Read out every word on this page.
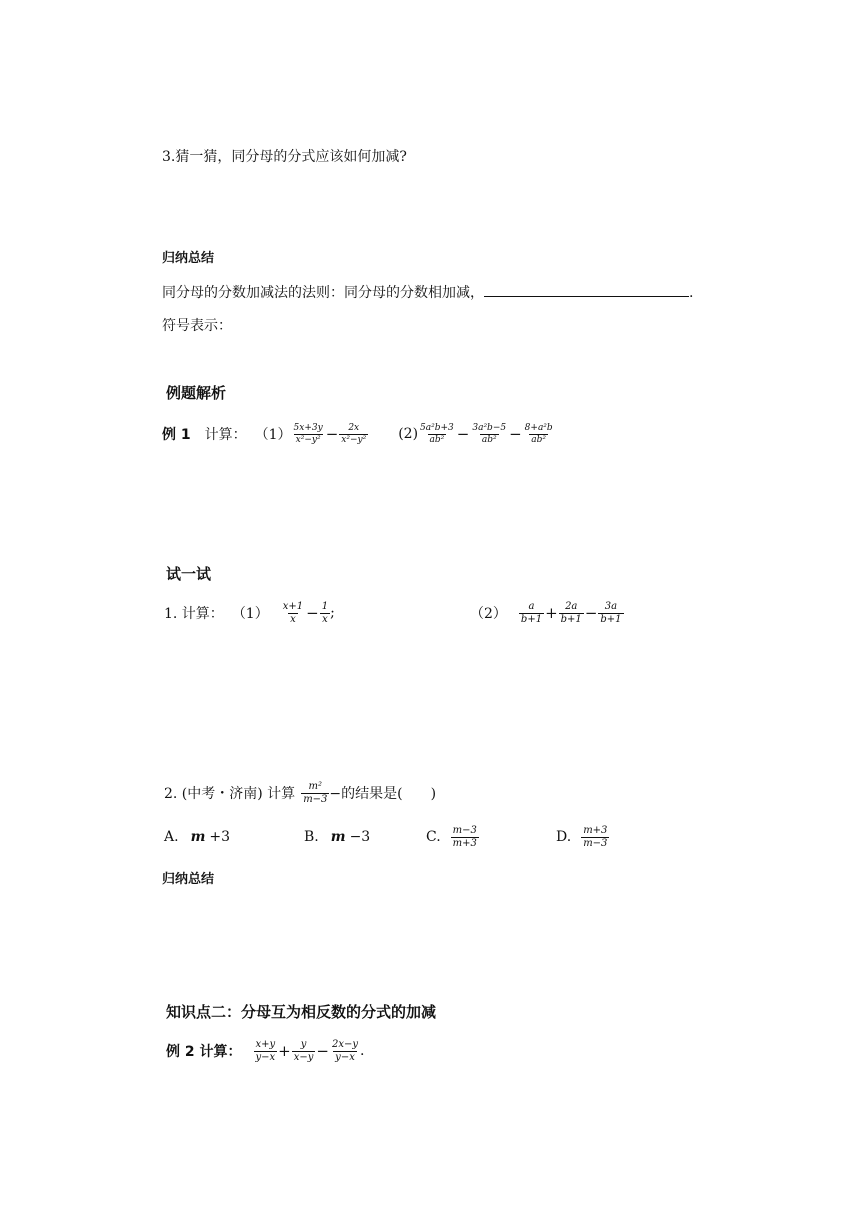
3.猜一猜，同分母的分式应该如何加减?
归纳总结
同分母的分数加减法的法则：同分母的分数相加减，	.
符号表示：
例题解析
例 1 计算： $(1) \frac{5x+3y}{\text{x²−y²}} - \frac{2x}{\text{x²−y²}} (2) \frac{\text{5a²b+3}}{\text{ab²}} - \frac{\text{3a²b−5}}{\text{ab²}} - \frac{\text{8+a²b}}{\text{ab²}}$
试一试
1. 计算： $(1) \frac{x+1}{x} - \frac{1}{x}$ ;	$(2) \frac{a}{b+1} + \frac{2a}{b+1} - \frac{3a}{b+1}$
2. (中考・济南) 计算 $\frac{\text{m²}}{m-3}$ −的结果是(　　)
A. m +3	B. m −3	C. $\frac{m-3}{m+3}$	D. $\frac{m+3}{m-3}$
归纳总结
知识点二：分母互为相反数的分式的加减
例 2 计算： $\frac{x+y}{y-x} + \frac{y}{x-y} - \frac{2x-y}{y-x}$ .
